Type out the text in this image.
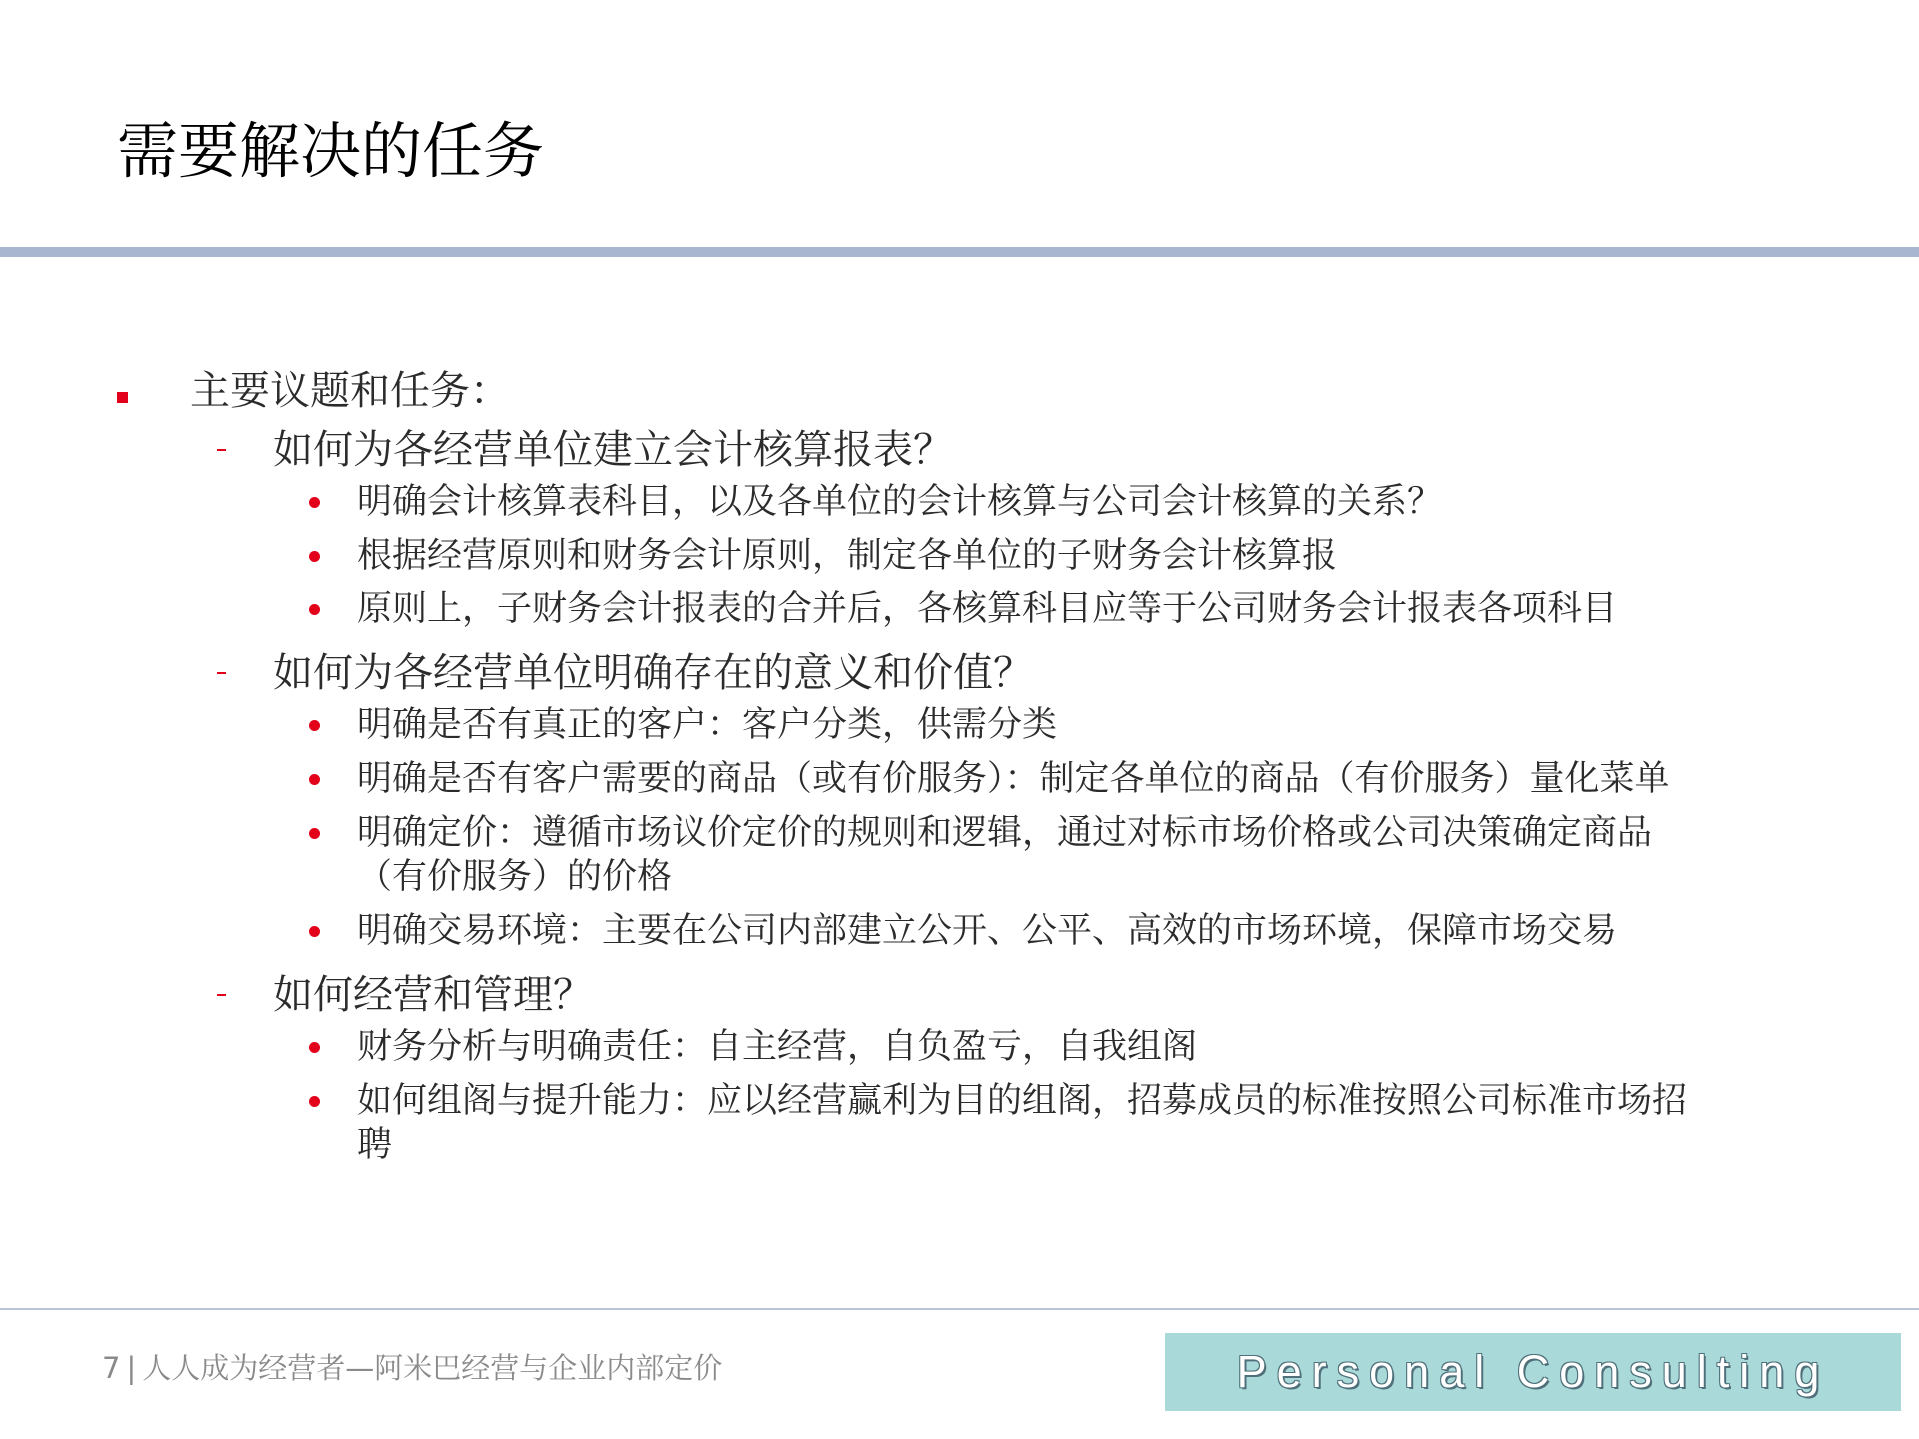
需要解决的任务
主要议题和任务：
如何为各经营单位建立会计核算报表？
明确会计核算表科目，以及各单位的会计核算与公司会计核算的关系？
根据经营原则和财务会计原则，制定各单位的子财务会计核算报
原则上，子财务会计报表的合并后，各核算科目应等于公司财务会计报表各项科目
如何为各经营单位明确存在的意义和价值？
明确是否有真正的客户：客户分类，供需分类
明确是否有客户需要的商品（或有价服务）：制定各单位的商品（有价服务）量化菜单
明确定价：遵循市场议价定价的规则和逻辑，通过对标市场价格或公司决策确定商品
（有价服务）的价格
明确交易环境：主要在公司内部建立公开、公平、高效的市场环境，保障市场交易
如何经营和管理？
财务分析与明确责任：自主经营，自负盈亏，自我组阁
如何组阁与提升能力：应以经营赢利为目的组阁，招募成员的标准按照公司标准市场招
聘
7 | 人人成为经营者—阿米巴经营与企业内部定价	Personal Consulting
